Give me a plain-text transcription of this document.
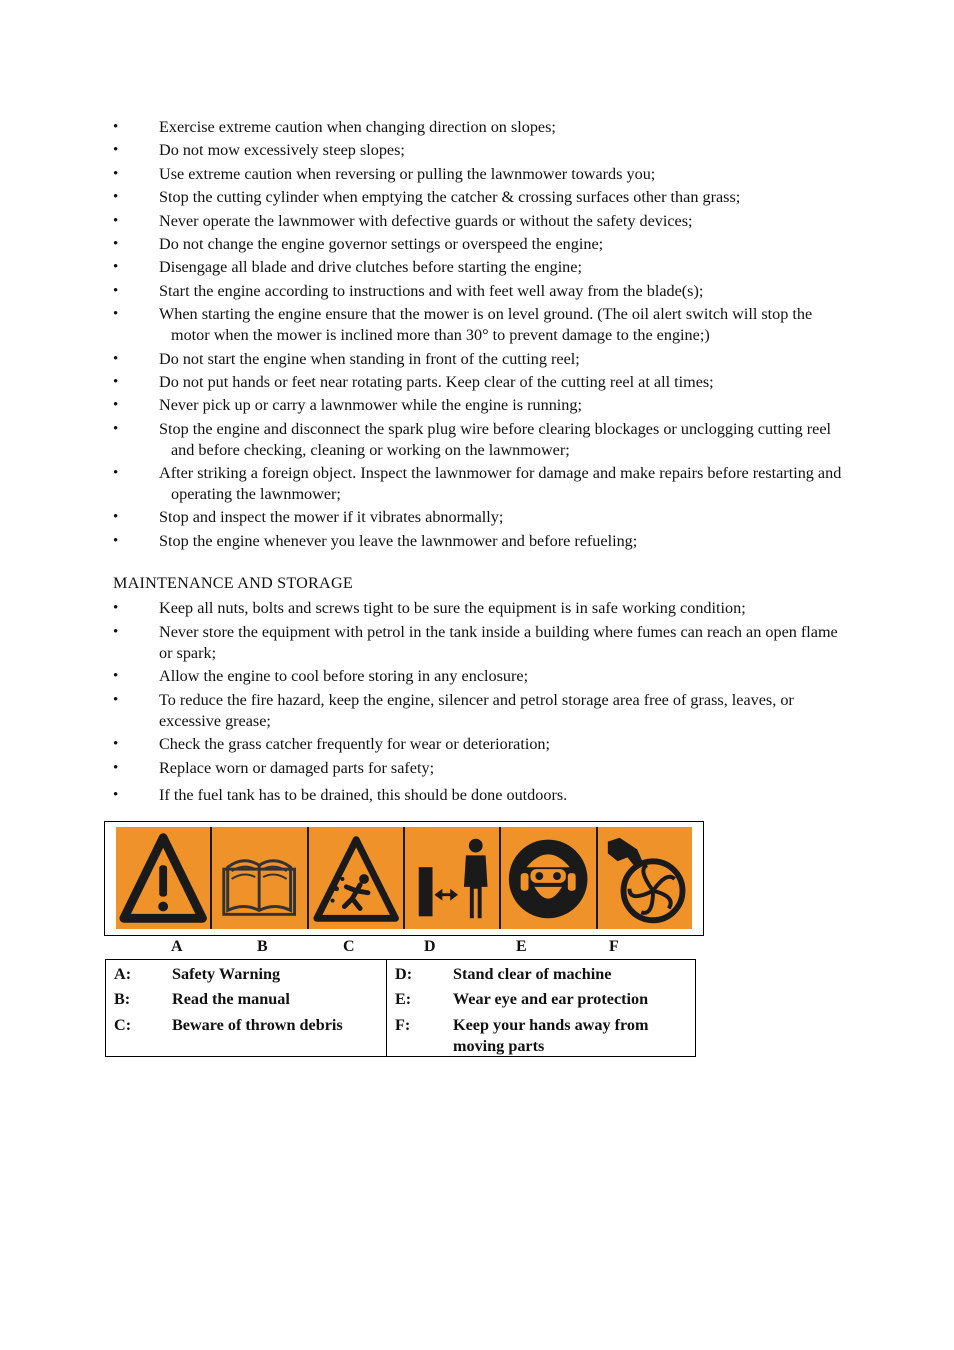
•	Exercise extreme caution when changing direction on slopes;
•	Do not mow excessively steep slopes;
•	Use extreme caution when reversing or pulling the lawnmower towards you;
•	Stop the cutting cylinder when emptying the catcher & crossing surfaces other than grass;
•	Never operate the lawnmower with defective guards or without the safety devices;
•	Do not change the engine governor settings or overspeed the engine;
•	Disengage all blade and drive clutches before starting the engine;
•	Start the engine according to instructions and with feet well away from the blade(s);
•	When starting the engine ensure that the mower is on level ground. (The oil alert switch will stop the motor when the mower is inclined more than 30° to prevent damage to the engine;)
•	Do not start the engine when standing in front of the cutting reel;
•	Do not put hands or feet near rotating parts. Keep clear of the cutting reel at all times;
•	Never pick up or carry a lawnmower while the engine is running;
•	Stop the engine and disconnect the spark plug wire before clearing blockages or unclogging cutting reel and before checking, cleaning or working on the lawnmower;
•	After striking a foreign object. Inspect the lawnmower for damage and make repairs before restarting and operating the lawnmower;
•	Stop and inspect the mower if it vibrates abnormally;
•	Stop the engine whenever you leave the lawnmower and before refueling;
MAINTENANCE AND STORAGE
•	Keep all nuts, bolts and screws tight to be sure the equipment is in safe working condition;
•	Never store the equipment with petrol in the tank inside a building where fumes can reach an open flame or spark;
•	Allow the engine to cool before storing in any enclosure;
•	To reduce the fire hazard, keep the engine, silencer and petrol storage area free of grass, leaves, or excessive grease;
•	Check the grass catcher frequently for wear or deterioration;
•	Replace worn or damaged parts for safety;
•	If the fuel tank has to be drained, this should be done outdoors.
A	B	C	D	E	F
A:	Safety Warning
B:	Read the manual
C:	Beware of thrown debris
D:	Stand clear of machine
E:	Wear eye and ear protection
F:	Keep your hands away from moving parts
